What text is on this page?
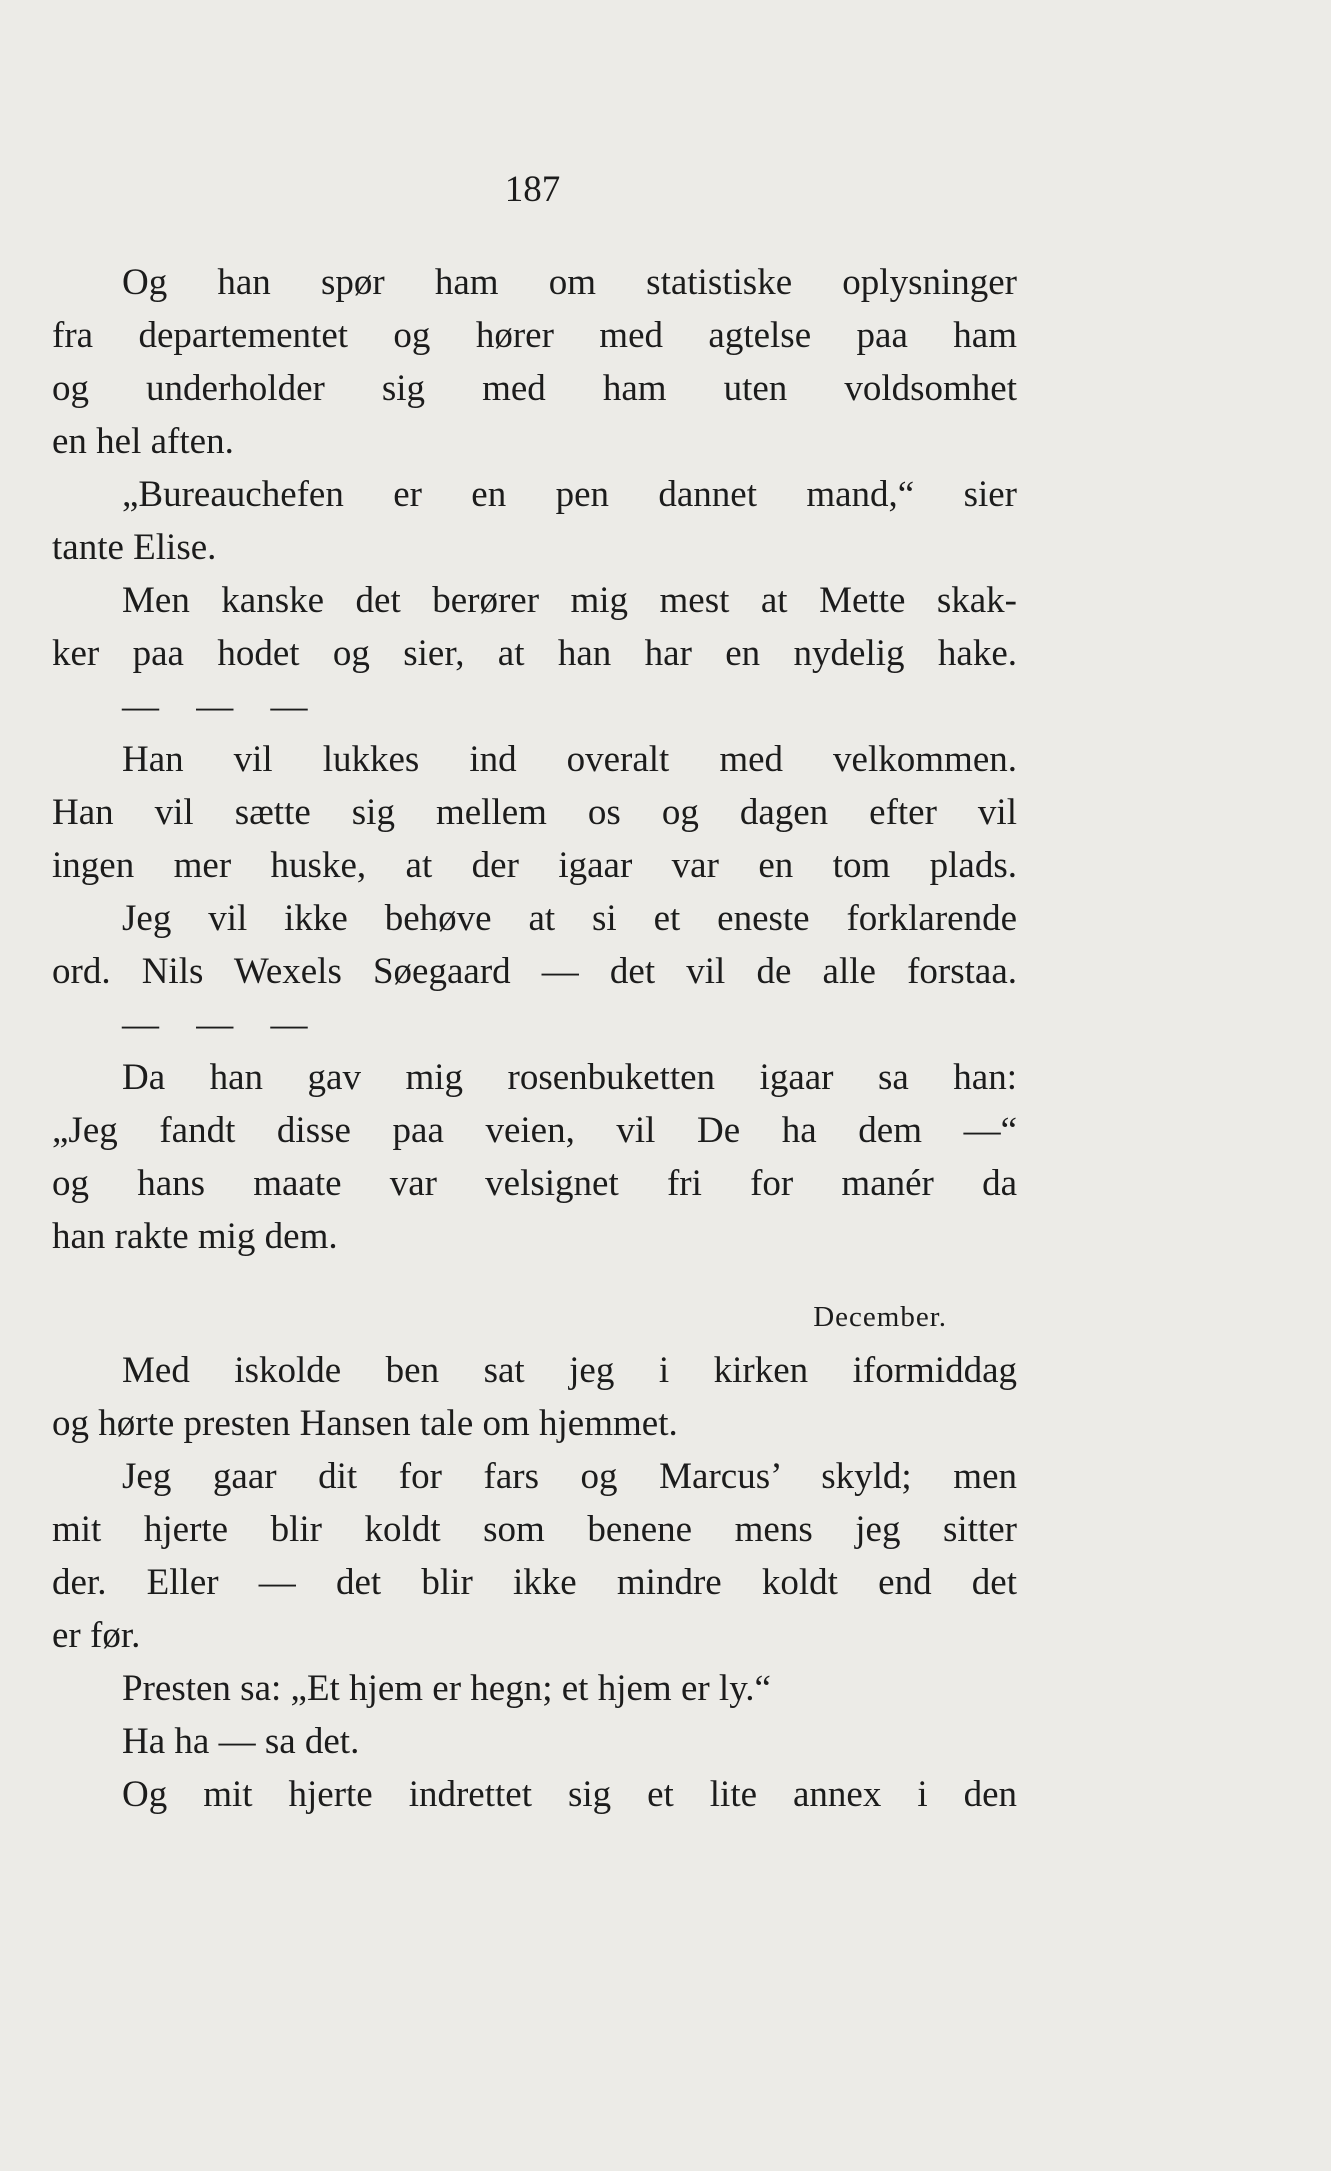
187
Og han spør ham om statistiske oplysninger
fra departementet og hører med agtelse paa ham
og underholder sig med ham uten voldsomhet
en hel aften.
„Bureauchefen er en pen dannet mand,“ sier
tante Elise.
Men kanske det berører mig mest at Mette skak-
ker paa hodet og sier, at han har en nydelig hake.
— — —
Han vil lukkes ind overalt med velkommen.
Han vil sætte sig mellem os og dagen efter vil
ingen mer huske, at der igaar var en tom plads.
Jeg vil ikke behøve at si et eneste forklarende
ord. Nils Wexels Søegaard — det vil de alle forstaa.
— — —
Da han gav mig rosenbuketten igaar sa han:
„Jeg fandt disse paa veien, vil De ha dem —“
og hans maate var velsignet fri for manér da
han rakte mig dem.
December.
Med iskolde ben sat jeg i kirken iformiddag
og hørte presten Hansen tale om hjemmet.
Jeg gaar dit for fars og Marcus’ skyld; men
mit hjerte blir koldt som benene mens jeg sitter
der. Eller — det blir ikke mindre koldt end det
er før.
Presten sa: „Et hjem er hegn; et hjem er ly.“
Ha ha — sa det.
Og mit hjerte indrettet sig et lite annex i den
